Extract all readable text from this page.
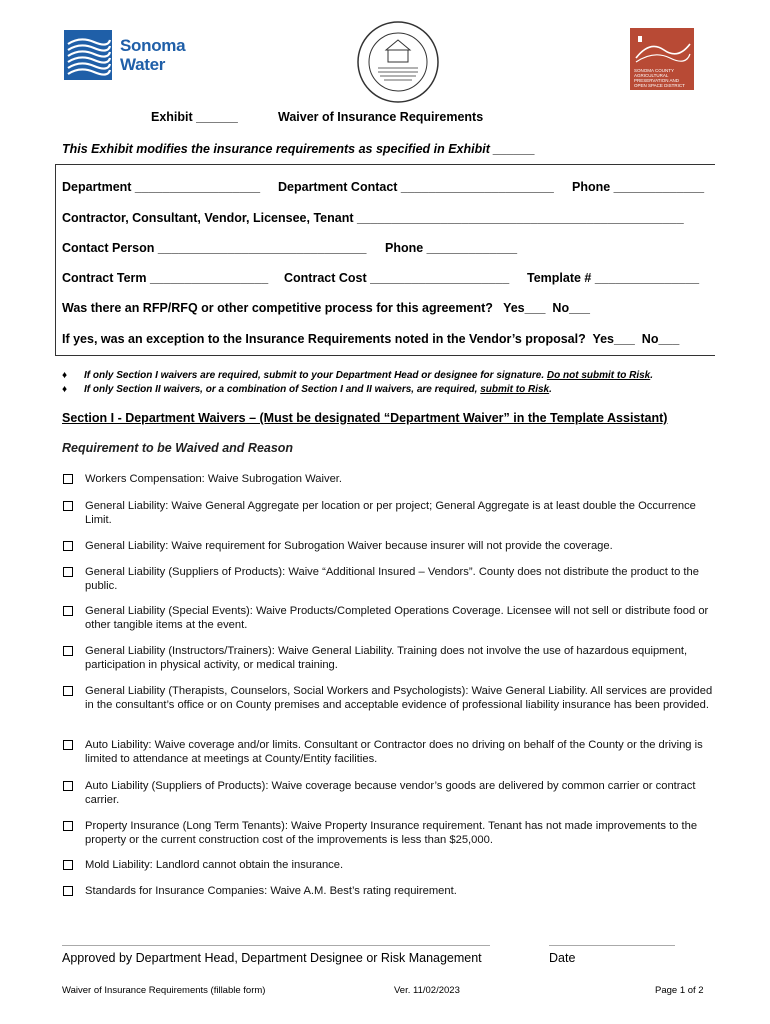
Sonoma
Water	SONOMA COUNTY AGRICULTURAL PRESERVATION AND OPEN SPACE DISTRICT
Exhibit ______	Waiver of Insurance Requirements
This Exhibit modifies the insurance requirements as specified in Exhibit ______
Department __________________ Department Contact ______________________ Phone _____________
Contractor, Consultant, Vendor, Licensee, Tenant _______________________________________________
Contact Person ______________________________ Phone _____________
Contract Term _________________ Contract Cost ____________________ Template # _______________
Was there an RFP/RFQ or other competitive process for this agreement?   Yes___  No___
If yes, was an exception to the Insurance Requirements noted in the Vendor’s proposal?  Yes___  No___
♦ If only Section I waivers are required, submit to your Department Head or designee for signature. Do not submit to Risk.
♦ If only Section II waivers, or a combination of Section I and II waivers, are required, submit to Risk.
Section I - Department Waivers – (Must be designated “Department Waiver” in the Template Assistant)
Requirement to be Waived and Reason
Workers Compensation: Waive Subrogation Waiver.
General Liability: Waive General Aggregate per location or per project; General Aggregate is at least double the Occurrence Limit.
General Liability: Waive requirement for Subrogation Waiver because insurer will not provide the coverage.
General Liability (Suppliers of Products): Waive “Additional Insured – Vendors”. County does not distribute the product to the public.
General Liability (Special Events): Waive Products/Completed Operations Coverage. Licensee will not sell or distribute food or other tangible items at the event.
General Liability (Instructors/Trainers): Waive General Liability. Training does not involve the use of hazardous equipment, participation in physical activity, or medical training.
General Liability (Therapists, Counselors, Social Workers and Psychologists): Waive General Liability. All services are provided in the consultant’s office or on County premises and acceptable evidence of professional liability insurance has been provided.
Auto Liability: Waive coverage and/or limits. Consultant or Contractor does no driving on behalf of the County or the driving is limited to attendance at meetings at County/Entity facilities.
Auto Liability (Suppliers of Products): Waive coverage because vendor’s goods are delivered by common carrier or contract carrier.
Property Insurance (Long Term Tenants): Waive Property Insurance requirement. Tenant has not made improvements to the property or the current construction cost of the improvements is less than $25,000.
Mold Liability: Landlord cannot obtain the insurance.
Standards for Insurance Companies: Waive A.M. Best’s rating requirement.
Approved by Department Head, Department Designee or Risk Management	Date
Waiver of Insurance Requirements (fillable form)	Ver. 11/02/2023	Page 1 of 2
